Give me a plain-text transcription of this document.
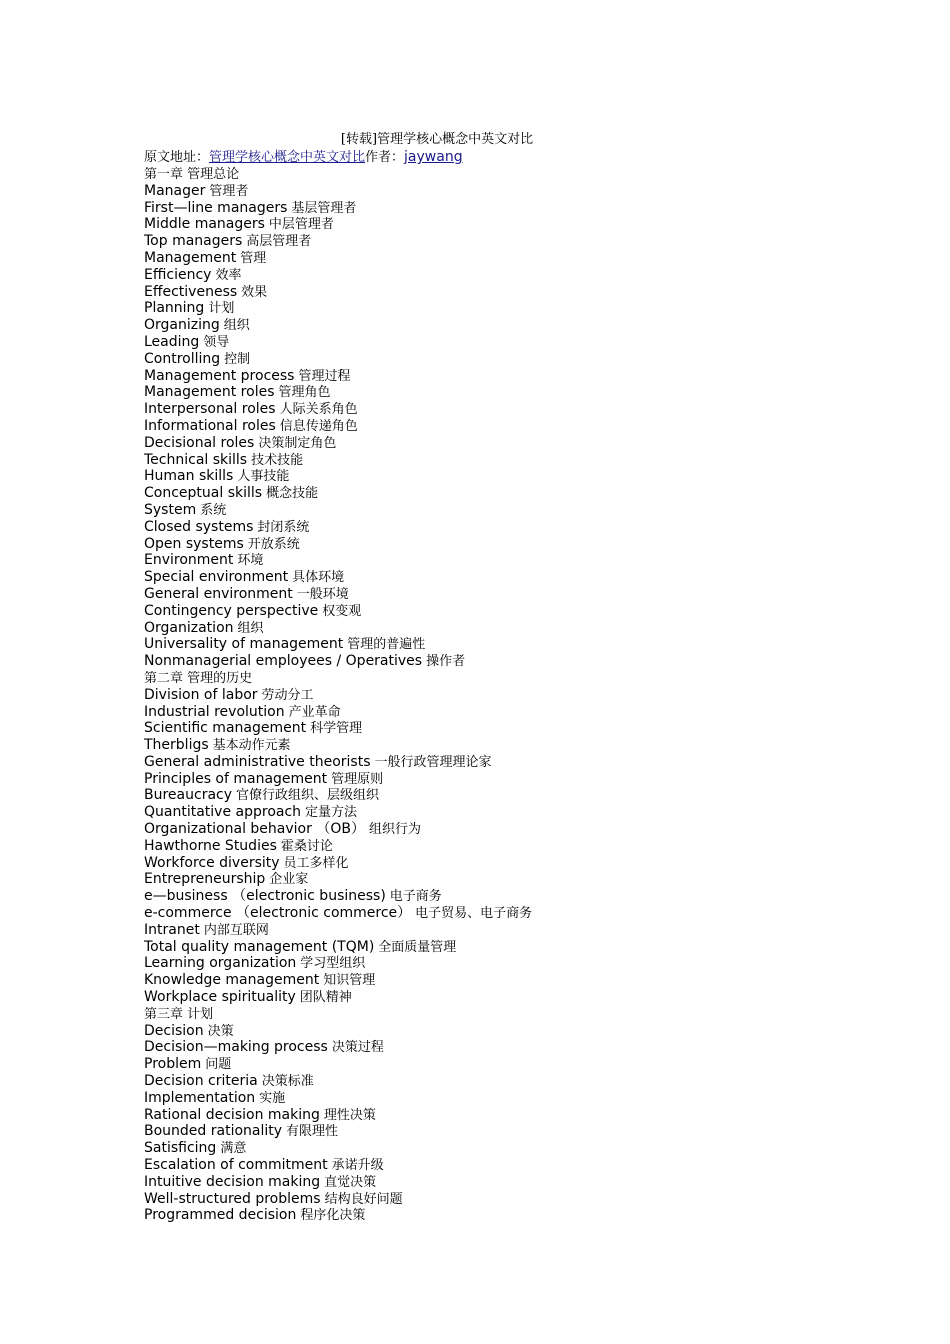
[转载]管理学核心概念中英文对比
原文地址：管理学核心概念中英文对比作者：jaywang
第一章 管理总论
Manager 管理者
First—line managers 基层管理者
Middle managers 中层管理者
Top managers 高层管理者
Management 管理
Efficiency 效率
Effectiveness 效果
Planning 计划
Organizing 组织
Leading 领导
Controlling 控制
Management process 管理过程
Management roles 管理角色
Interpersonal roles 人际关系角色
Informational roles 信息传递角色
Decisional roles 决策制定角色
Technical skills 技术技能
Human skills 人事技能
Conceptual skills 概念技能
System 系统
Closed systems 封闭系统
Open systems 开放系统
Environment 环境
Special environment 具体环境
General environment 一般环境
Contingency perspective 权变观
Organization 组织
Universality of management 管理的普遍性
Nonmanagerial employees / Operatives 操作者
第二章 管理的历史
Division of labor 劳动分工
Industrial revolution 产业革命
Scientific management 科学管理
Therbligs 基本动作元素
General administrative theorists 一般行政管理理论家
Principles of management 管理原则
Bureaucracy 官僚行政组织、层级组织
Quantitative approach 定量方法
Organizational behavior （OB） 组织行为
Hawthorne Studies 霍桑讨论
Workforce diversity 员工多样化
Entrepreneurship 企业家
e—business （electronic business) 电子商务
e-commerce （electronic commerce） 电子贸易、电子商务
Intranet 内部互联网
Total quality management (TQM) 全面质量管理
Learning organization 学习型组织
Knowledge management 知识管理
Workplace spirituality 团队精神
第三章 计划
Decision 决策
Decision—making process 决策过程
Problem 问题
Decision criteria 决策标准
Implementation 实施
Rational decision making 理性决策
Bounded rationality 有限理性
Satisficing 满意
Escalation of commitment 承诺升级
Intuitive decision making 直觉决策
Well-structured problems 结构良好问题
Programmed decision 程序化决策
